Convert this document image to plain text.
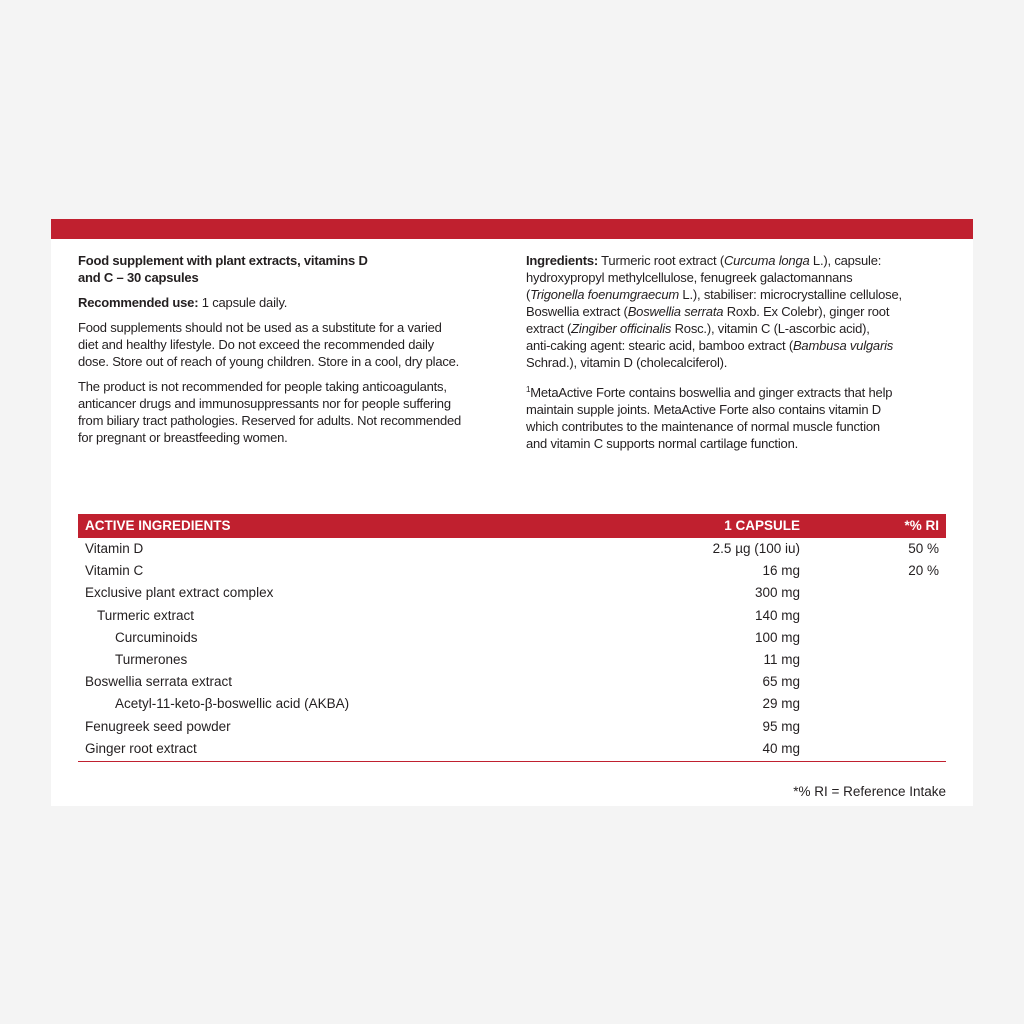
Food supplement with plant extracts, vitamins D
and C – 30 capsules

Recommended use: 1 capsule daily.

Food supplements should not be used as a substitute for a varied
diet and healthy lifestyle. Do not exceed the recommended daily
dose. Store out of reach of young children. Store in a cool, dry place.

The product is not recommended for people taking anticoagulants,
anticancer drugs and immunosuppressants nor for people suffering
from biliary tract pathologies. Reserved for adults. Not recommended
for pregnant or breastfeeding women.

Ingredients: Turmeric root extract (Curcuma longa L.), capsule:
hydroxypropyl methylcellulose, fenugreek galactomannans
(Trigonella foenumgraecum L.), stabiliser: microcrystalline cellulose,
Boswellia extract (Boswellia serrata Roxb. Ex Colebr), ginger root
extract (Zingiber officinalis Rosc.), vitamin C (L-ascorbic acid),
anti-caking agent: stearic acid, bamboo extract (Bambusa vulgaris
Schrad.), vitamin D (cholecalciferol).

$^1$MetaActive Forte contains boswellia and ginger extracts that help
maintain supple joints. MetaActive Forte also contains vitamin D
which contributes to the maintenance of normal muscle function
and vitamin C supports normal cartilage function.

ACTIVE INGREDIENTS	1 CAPSULE	*% RI
Vitamin D	2.5 µg (100 iu)	50 %
Vitamin C	16 mg	20 %
Exclusive plant extract complex	300 mg
Turmeric extract	140 mg
Curcuminoids	100 mg
Turmerones	11 mg
Boswellia serrata extract	65 mg
Acetyl-11-keto-β-boswellic acid (AKBA)	29 mg
Fenugreek seed powder	95 mg
Ginger root extract	40 mg
*% RI = Reference Intake
